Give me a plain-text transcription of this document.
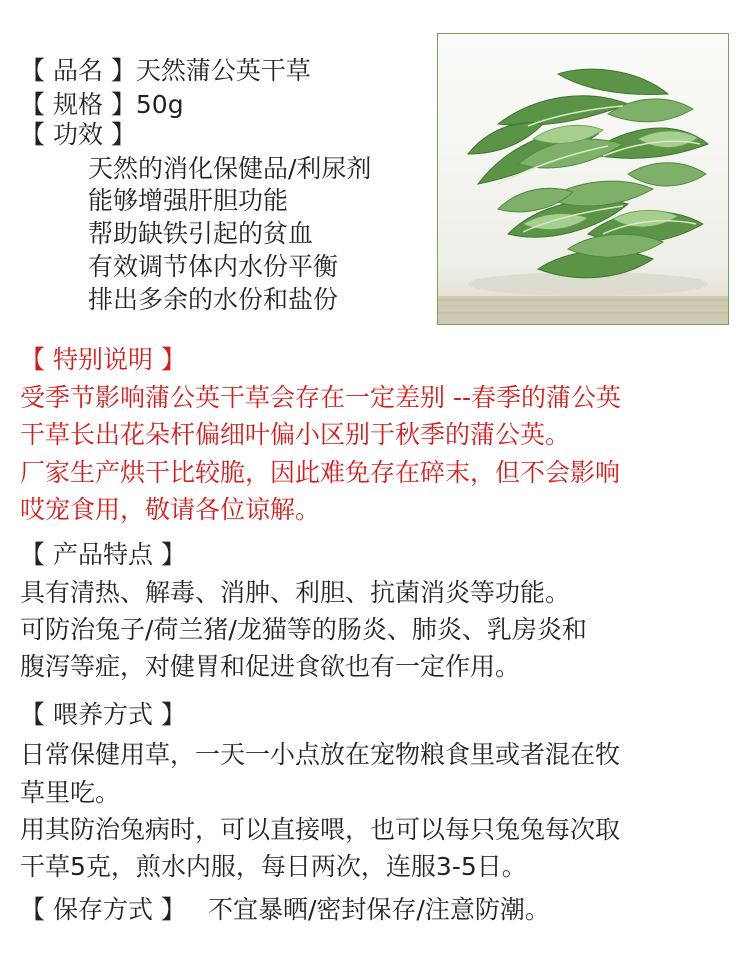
【 品名 】天然蒲公英干草

【 规格 】50g

【 功效 】

天然的消化保健品/利尿剂

能够增强肝胆功能

帮助缺铁引起的贫血

有效调节体内水份平衡

排出多余的水份和盐份

【 特别说明 】

受季节影响蒲公英干草会存在一定差别 --春季的蒲公英

干草长出花朵杆偏细叶偏小区别于秋季的蒲公英。

厂家生产烘干比较脆，因此难免存在碎末，但不会影响

哎宠食用，敬请各位谅解。

【 产品特点 】

具有清热、解毒、消肿、利胆、抗菌消炎等功能。

可防治兔子/荷兰猪/龙猫等的肠炎、肺炎、乳房炎和

腹泻等症，对健胃和促进食欲也有一定作用。

【 喂养方式 】

日常保健用草，一天一小点放在宠物粮食里或者混在牧

草里吃。

用其防治兔病时，可以直接喂，也可以每只兔兔每次取

干草5克，煎水内服，每日两次，连服3-5日。

【 保存方式 】 不宜暴晒/密封保存/注意防潮。
